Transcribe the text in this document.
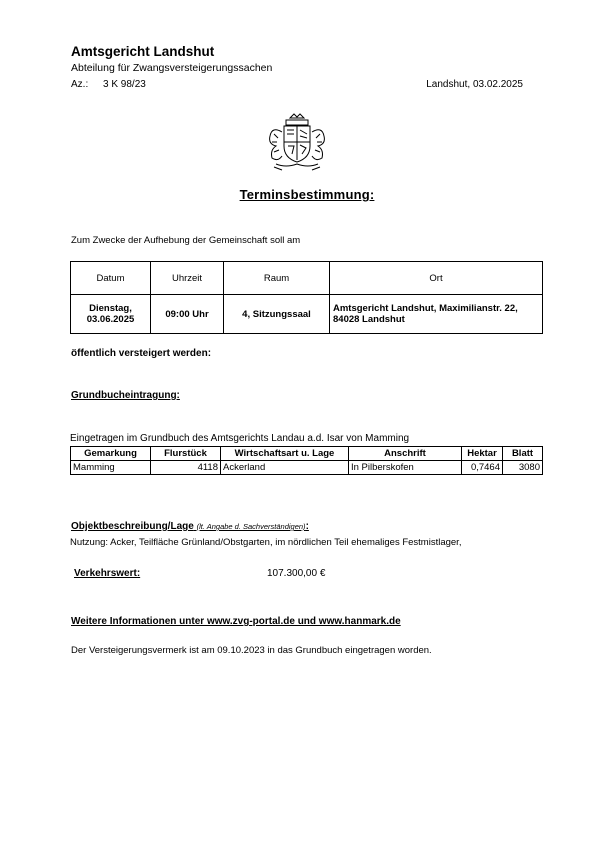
Amtsgericht Landshut
Abteilung für Zwangsversteigerungssachen
Az.: 3 K 98/23	Landshut, 03.02.2025
Terminsbestimmung:
Zum Zwecke der Aufhebung der Gemeinschaft soll am
Datum	Uhrzeit	Raum	Ort
Dienstag,
03.06.2025	09:00 Uhr	4, Sitzungssaal	Amtsgericht Landshut, Maximilianstr. 22, 84028 Landshut
öffentlich versteigert werden:
Grundbucheintragung:
Eingetragen im Grundbuch des Amtsgerichts Landau a.d. Isar von Mamming
Gemarkung	Flurstück	Wirtschaftsart u. Lage	Anschrift	Hektar	Blatt
Mamming	4118	Ackerland	In Pilberskofen	0,7464	3080
Objektbeschreibung/Lage (lt. Angabe d. Sachverständigen):
Nutzung: Acker, Teilfläche Grünland/Obstgarten, im nördlichen Teil ehemaliges Festmistlager,
Verkehrswert:	107.300,00 €
Weitere Informationen unter www.zvg-portal.de und www.hanmark.de
Der Versteigerungsvermerk ist am 09.10.2023 in das Grundbuch eingetragen worden.
